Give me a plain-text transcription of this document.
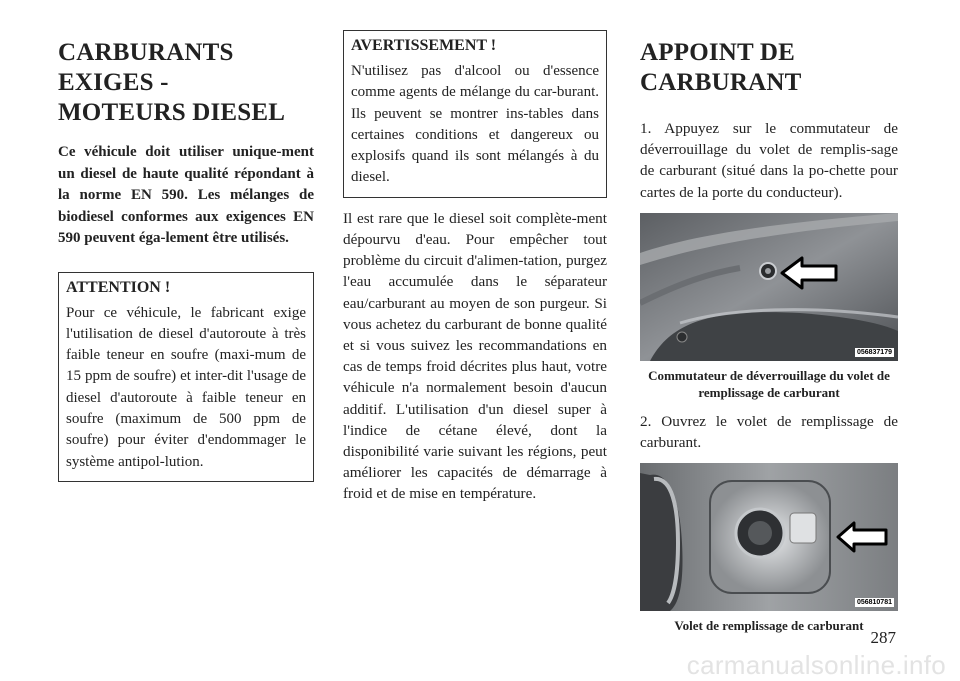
CARBURANTS EXIGES -
MOTEURS DIESEL

Ce véhicule doit utiliser unique-ment un diesel de haute qualité répondant à la norme EN 590. Les mélanges de biodiesel conformes aux exigences EN 590 peuvent éga-lement être utilisés.

ATTENTION !

Pour ce véhicule, le fabricant exige l'utilisation de diesel d'autoroute à très faible teneur en soufre (maxi-mum de 15 ppm de soufre) et inter-dit l'usage de diesel d'autoroute à faible teneur en soufre (maximum de 500 ppm de soufre) pour éviter d'endommager le système antipol-lution.

AVERTISSEMENT !

N'utilisez pas d'alcool ou d'essence comme agents de mélange du car-burant. Ils peuvent se montrer ins-tables dans certaines conditions et dangereux ou explosifs quand ils sont mélangés à du diesel.

Il est rare que le diesel soit complète-ment dépourvu d'eau. Pour empêcher tout problème du circuit d'alimen-tation, purgez l'eau accumulée dans le séparateur eau/carburant au moyen de son purgeur. Si vous achetez du carburant de bonne qualité et si vous suivez les recommandations en cas de temps froid décrites plus haut, votre véhicule n'a normalement besoin d'aucun additif. L'utilisation d'un diesel super à l'indice de cétane élevé, dont la disponibilité varie suivant les régions, peut améliorer les capacités de démarrage à froid et de mise en température.

APPOINT DE
CARBURANT

1. Appuyez sur le commutateur de déverrouillage du volet de remplis-sage de carburant (situé dans la po-chette pour cartes de la porte du conducteur).

056837179
Commutateur de déverrouillage du volet de remplissage de carburant

2. Ouvrez le volet de remplissage de carburant.

056810781
Volet de remplissage de carburant
287
carmanualsonline.info
